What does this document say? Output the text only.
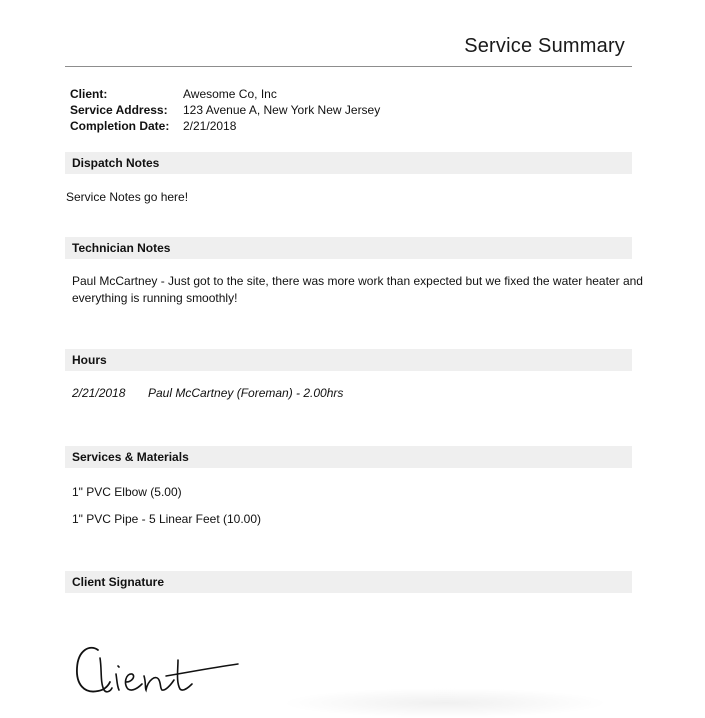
Service Summary
Client:	Awesome Co, Inc
Service Address:	123 Avenue A, New York New Jersey
Completion Date:	2/21/2018
Dispatch Notes
Service Notes go here!
Technician Notes
Paul McCartney - Just got to the site, there was more work than expected but we fixed the water heater and
everything is running smoothly!
Hours
2/21/2018 Paul McCartney (Foreman) - 2.00hrs
Services & Materials
1" PVC Elbow (5.00)
1" PVC Pipe - 5 Linear Feet (10.00)
Client Signature
